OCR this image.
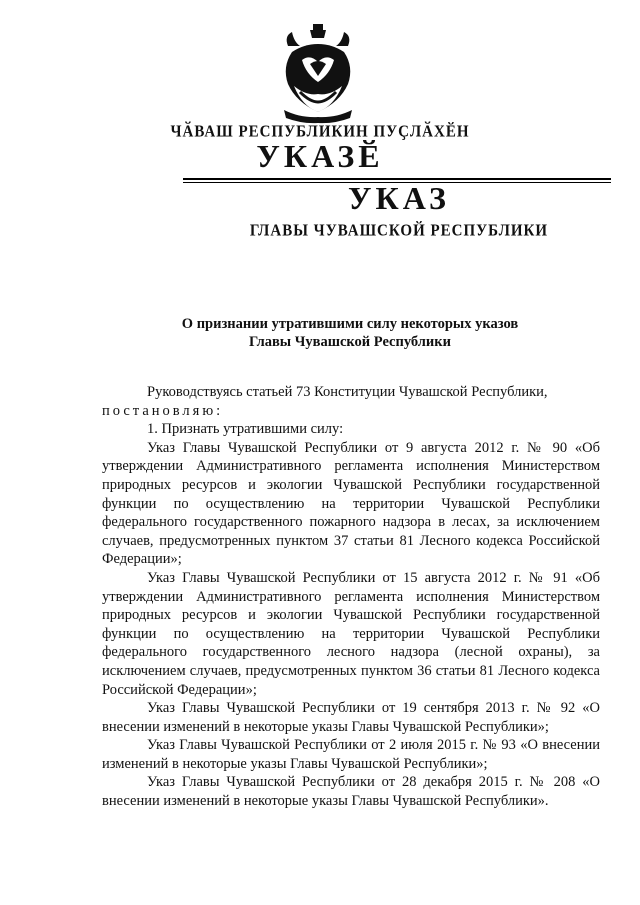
ЧӐВАШ РЕСПУБЛИКИН ПУҪЛӐХӖН
УКАЗӖ
УКАЗ
ГЛАВЫ ЧУВАШСКОЙ РЕСПУБЛИКИ
О признании утратившими силу некоторых указов
Главы Чувашской Республики

Руководствуясь статьей 73 Конституции Чувашской Республики,

постановляю:

1. Признать утратившими силу:

Указ Главы Чувашской Республики от 9 августа 2012 г. № 90 «Об утверждении Административного регламента исполнения Министерством природных ресурсов и экологии Чувашской Республики государственной функции по осуществлению на территории Чувашской Республики федерального государственного пожарного надзора в лесах, за исключением случаев, предусмотренных пунктом 37 статьи 81 Лесного кодекса Российской Федерации»;

Указ Главы Чувашской Республики от 15 августа 2012 г. № 91 «Об утверждении Административного регламента исполнения Министерством природных ресурсов и экологии Чувашской Республики государственной функции по осуществлению на территории Чувашской Республики федерального государственного лесного надзора (лесной охраны), за исключением случаев, предусмотренных пунктом 36 статьи 81 Лесного кодекса Российской Федерации»;

Указ Главы Чувашской Республики от 19 сентября 2013 г. № 92 «О внесении изменений в некоторые указы Главы Чувашской Республики»;

Указ Главы Чувашской Республики от 2 июля 2015 г. № 93 «О внесении изменений в некоторые указы Главы Чувашской Республики»;

Указ Главы Чувашской Республики от 28 декабря 2015 г. № 208 «О внесении изменений в некоторые указы Главы Чувашской Республики».
